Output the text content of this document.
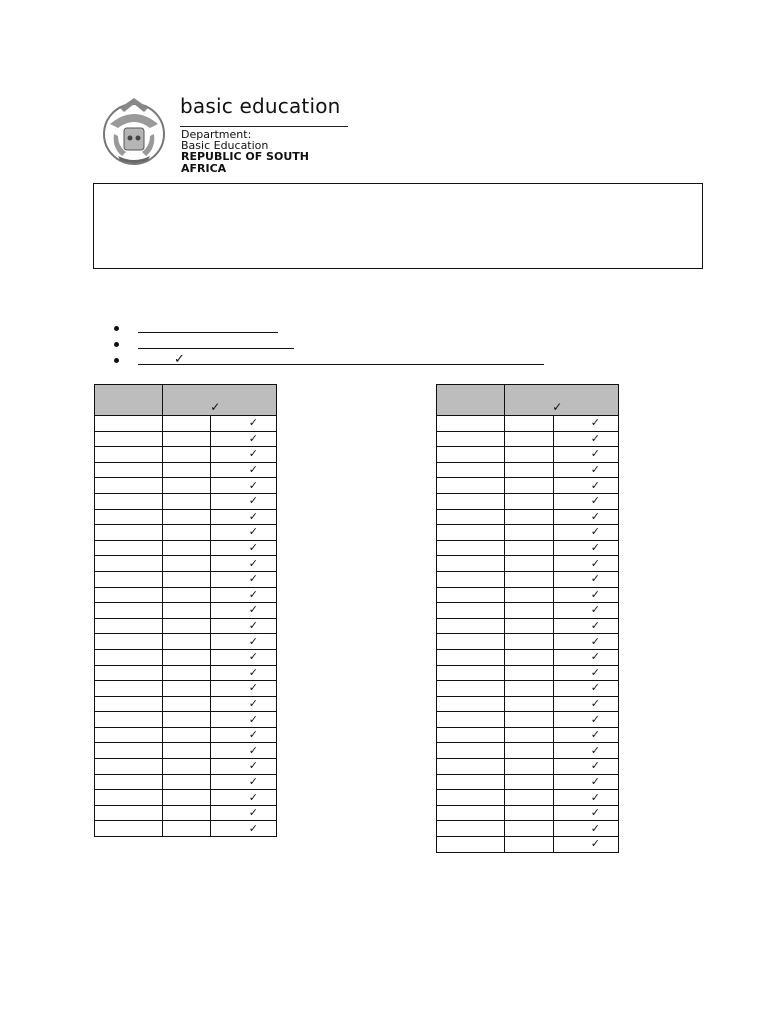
basic education
Department:
Basic Education
REPUBLIC OF SOUTH AFRICA
✓
	✓	
		✓
		✓
		✓
		✓
		✓
		✓
		✓
		✓
		✓
		✓
		✓
		✓
		✓
		✓
		✓
		✓
		✓
		✓
		✓
		✓
		✓
		✓
		✓
		✓
		✓
		✓
		✓
	✓	
		✓
		✓
		✓
		✓
		✓
		✓
		✓
		✓
		✓
		✓
		✓
		✓
		✓
		✓
		✓
		✓
		✓
		✓
		✓
		✓
		✓
		✓
		✓
		✓
		✓
		✓
		✓
		✓
